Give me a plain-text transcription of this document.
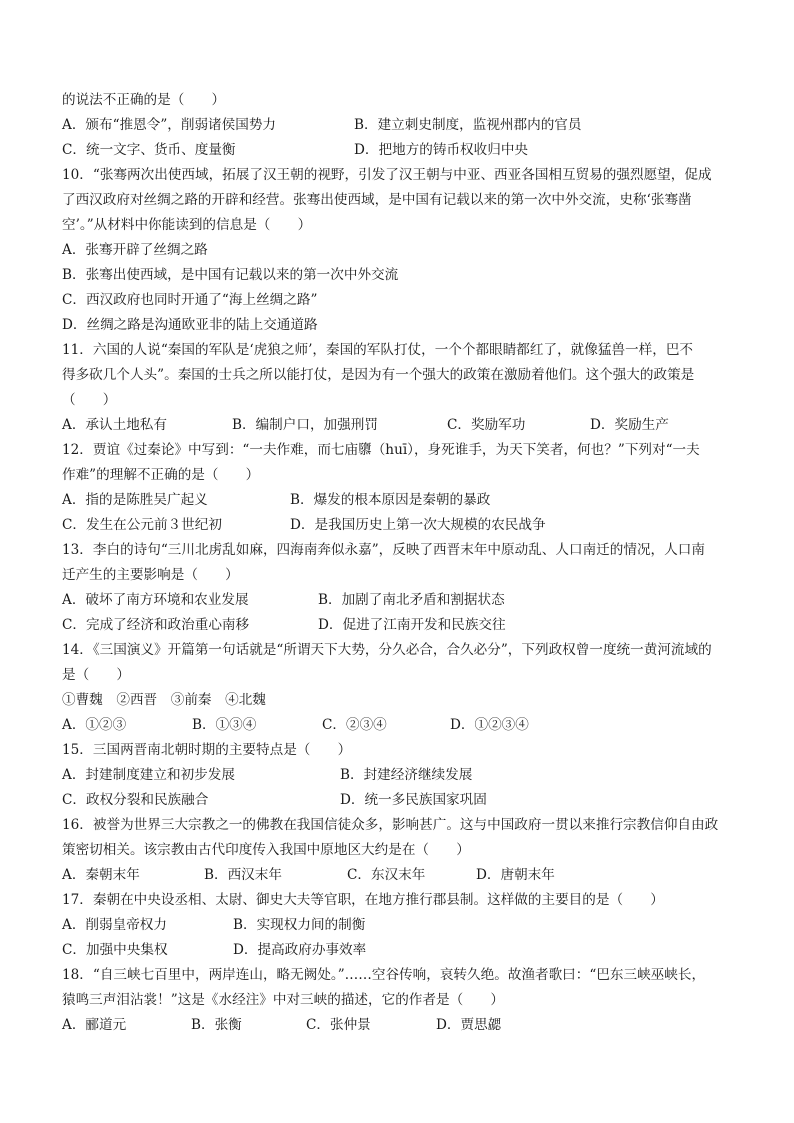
的说法不正确的是（　　）
A．颁布“推恩令”，削弱诸侯国势力	B．建立刺史制度，监视州郡内的官员
C．统一文字、货币、度量衡	D．把地方的铸币权收归中央
10．“张骞两次出使西域，拓展了汉王朝的视野，引发了汉王朝与中亚、西亚各国相互贸易的强烈愿望，促成
了西汉政府对丝绸之路的开辟和经营。张骞出使西域，是中国有记载以来的第一次中外交流，史称‘张骞凿
空’。”从材料中你能读到的信息是（　　）
A．张骞开辟了丝绸之路
B．张骞出使西域，是中国有记载以来的第一次中外交流
C．西汉政府也同时开通了“海上丝绸之路”
D．丝绸之路是沟通欧亚非的陆上交通道路
11．六国的人说“秦国的军队是‘虎狼之师’，秦国的军队打仗，一个个都眼睛都红了，就像猛兽一样，巴不
得多砍几个人头”。秦国的士兵之所以能打仗，是因为有一个强大的政策在激励着他们。这个强大的政策是
（　　）
A．承认土地私有	B．编制户口，加强刑罚	C．奖励军功	D．奖励生产
12．贾谊《过秦论》中写到：“一夫作难，而七庙隳（huī），身死谁手，为天下笑者，何也？”下列对“一夫
作难”的理解不正确的是（　　）
A．指的是陈胜吴广起义	B．爆发的根本原因是秦朝的暴政
C．发生在公元前３世纪初	D．是我国历史上第一次大规模的农民战争
13．李白的诗句“三川北虏乱如麻，四海南奔似永嘉”，反映了西晋末年中原动乱、人口南迁的情况，人口南
迁产生的主要影响是（　　）
A．破坏了南方环境和农业发展	B．加剧了南北矛盾和割据状态
C．完成了经济和政治重心南移	D．促进了江南开发和民族交往
14．《三国演义》开篇第一句话就是“所谓天下大势，分久必合，合久必分”，下列政权曾一度统一黄河流域的
是（　　）
①曹魏　②西晋　③前秦　④北魏
A．①②③	B．①③④	C．②③④	D．①②③④
15．三国两晋南北朝时期的主要特点是（　　）
A．封建制度建立和初步发展	B．封建经济继续发展
C．政权分裂和民族融合	D．统一多民族国家巩固
16．被誉为世界三大宗教之一的佛教在我国信徒众多，影响甚广。这与中国政府一贯以来推行宗教信仰自由政
策密切相关。该宗教由古代印度传入我国中原地区大约是在（　　）
A．秦朝末年	B．西汉末年	C．东汉末年	D．唐朝末年
17．秦朝在中央设丞相、太尉、御史大夫等官职，在地方推行郡县制。这样做的主要目的是（　　）
A．削弱皇帝权力	B．实现权力间的制衡
C．加强中央集权	D．提高政府办事效率
18．“自三峡七百里中，两岸连山，略无阙处。”……空谷传响，哀转久绝。故渔者歌曰：“巴东三峡巫峡长，
猿鸣三声泪沾裳！”这是《水经注》中对三峡的描述，它的作者是（　　）
A．郦道元	B．张衡	C．张仲景	D．贾思勰
